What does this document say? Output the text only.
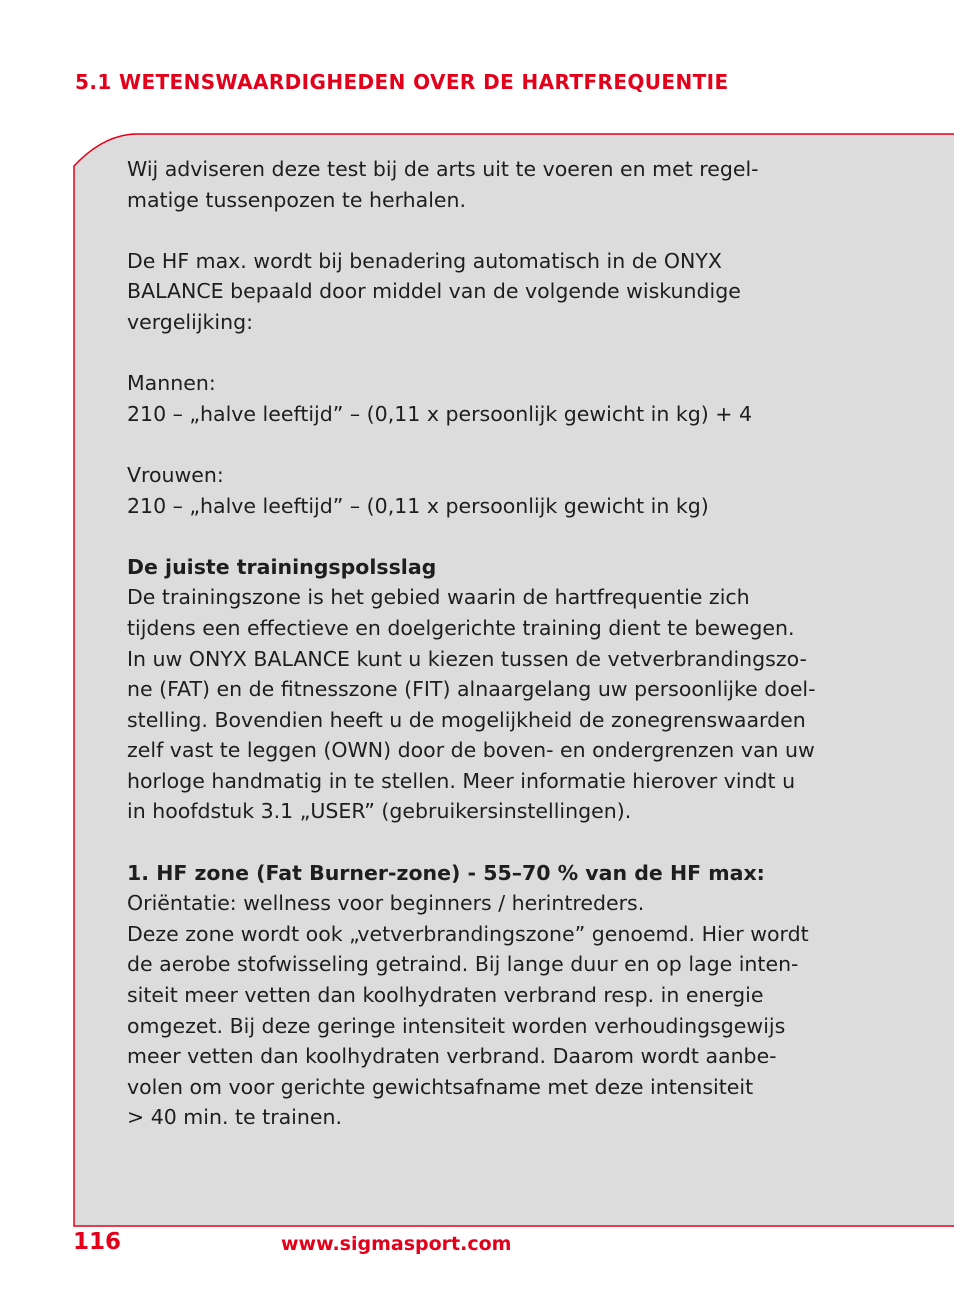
5.1 WETENSWAARDIGHEDEN OVER DE HARTFREQUENTIE

Wij adviseren deze test bij de arts uit te voeren en met regel-

matige tussenpozen te herhalen.

De HF max. wordt bij benadering automatisch in de ONYX

BALANCE bepaald door middel van de volgende wiskundige

vergelijking:

Mannen:

210 – „halve leeftijd” – (0,11 x persoonlijk gewicht in kg) + 4

Vrouwen:

210 – „halve leeftijd” – (0,11 x persoonlijk gewicht in kg)

De juiste trainingspolsslag

De trainingszone is het gebied waarin de hartfrequentie zich

tijdens een effectieve en doelgerichte training dient te bewegen.

In uw ONYX BALANCE kunt u kiezen tussen de vetverbrandingszo-

ne (FAT) en de fitnesszone (FIT) alnaargelang uw persoonlijke doel-

stelling. Bovendien heeft u de mogelijkheid de zonegrenswaarden

zelf vast te leggen (OWN) door de boven- en ondergrenzen van uw

horloge handmatig in te stellen. Meer informatie hierover vindt u

in hoofdstuk 3.1 „USER” (gebruikersinstellingen).

1. HF zone (Fat Burner-zone) - 55–70 % van de HF max:

Oriëntatie: wellness voor beginners / herintreders.

Deze zone wordt ook „vetverbrandingszone” genoemd. Hier wordt

de aerobe stofwisseling getraind. Bij lange duur en op lage inten-

siteit meer vetten dan koolhydraten verbrand resp. in energie

omgezet. Bij deze geringe intensiteit worden verhoudingsgewijs

meer vetten dan koolhydraten verbrand. Daarom wordt aanbe-

volen om voor gerichte gewichtsafname met deze intensiteit

> 40 min. te trainen.

116	www.sigmasport.com
